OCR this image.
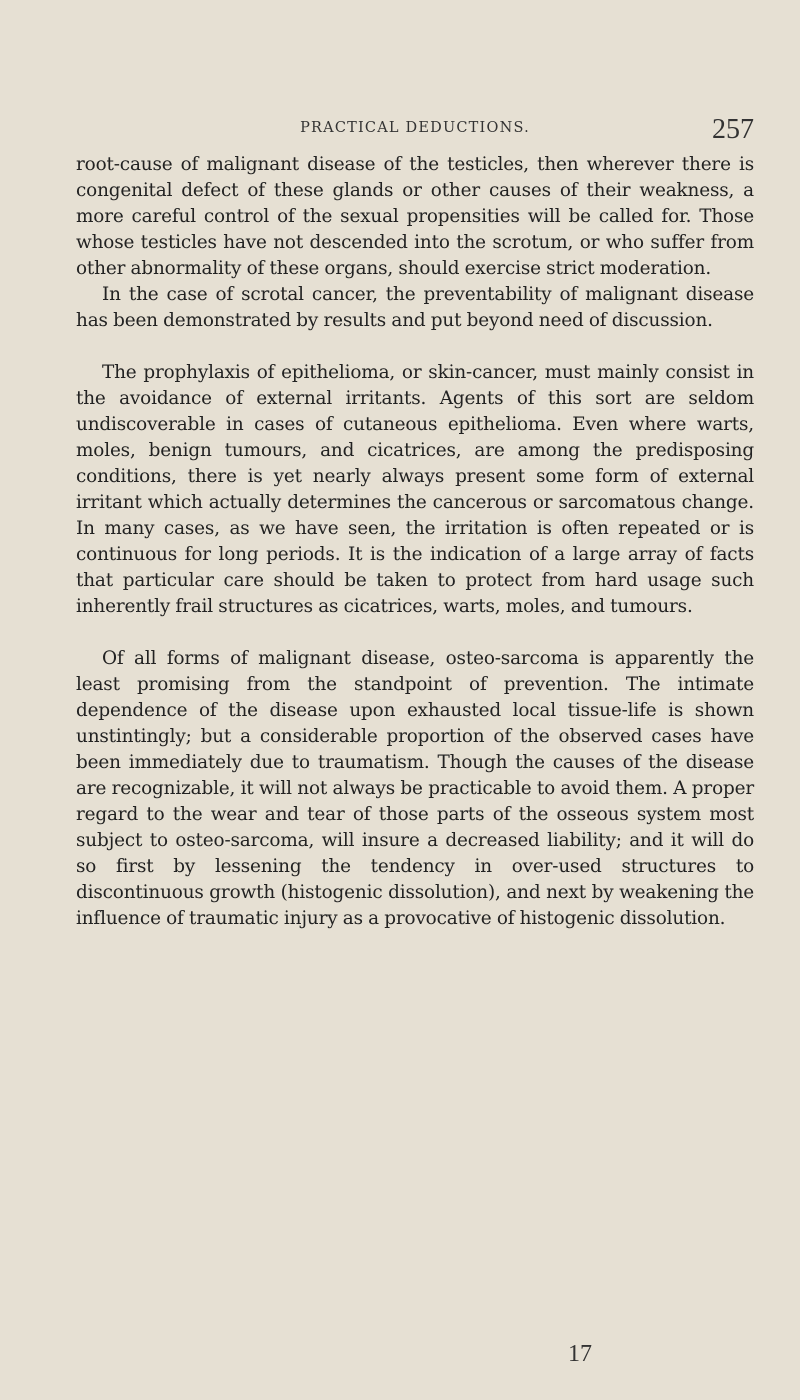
PRACTICAL DEDUCTIONS.	257

root-cause of malignant disease of the testicles, then wherever there is congenital defect of these glands or other causes of their weakness, a more careful control of the sexual propensities will be called for. Those whose testicles have not descended into the scrotum, or who suffer from other abnormality of these organs, should exercise strict moderation.

In the case of scrotal cancer, the preventability of malignant disease has been demonstrated by results and put beyond need of discussion.

The prophylaxis of epithelioma, or skin-cancer, must mainly consist in the avoidance of external irritants. Agents of this sort are seldom undiscoverable in cases of cutaneous epithelioma. Even where warts, moles, benign tumours, and cicatrices, are among the predisposing conditions, there is yet nearly always present some form of external irritant which actually determines the cancerous or sarcomatous change. In many cases, as we have seen, the irritation is often repeated or is continuous for long periods. It is the indication of a large array of facts that particular care should be taken to protect from hard usage such inherently frail structures as cicatrices, warts, moles, and tumours.

Of all forms of malignant disease, osteo-sarcoma is apparently the least promising from the standpoint of prevention. The intimate dependence of the disease upon exhausted local tissue-life is shown unstintingly; but a considerable proportion of the observed cases have been immediately due to traumatism. Though the causes of the disease are recognizable, it will not always be practicable to avoid them. A proper regard to the wear and tear of those parts of the osseous system most subject to osteo-sarcoma, will insure a decreased liability; and it will do so first by lessening the tendency in over-used structures to discontinuous growth (histogenic dissolution), and next by weakening the influence of traumatic injury as a provocative of histogenic dissolution.

17
